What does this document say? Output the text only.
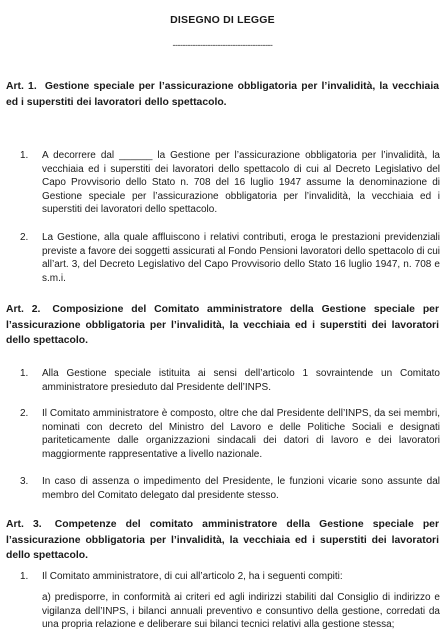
DISEGNO DI LEGGE
----------------------------------------
Art. 1. Gestione speciale per l’assicurazione obbligatoria per l’invalidità, la vecchiaia ed i superstiti dei lavoratori dello spettacolo.
1. A decorrere dal ______ la Gestione per l’assicurazione obbligatoria per l’invalidità, la vecchiaia ed i superstiti dei lavoratori dello spettacolo di cui al Decreto Legislativo del Capo Provvisorio dello Stato n. 708 del 16 luglio 1947 assume la denominazione di Gestione speciale per l’assicurazione obbligatoria per l’invalidità, la vecchiaia ed i superstiti dei lavoratori dello spettacolo.
2. La Gestione, alla quale affluiscono i relativi contributi, eroga le prestazioni previdenziali previste a favore dei soggetti assicurati al Fondo Pensioni lavoratori dello spettacolo di cui all’art. 3, del Decreto Legislativo del Capo Provvisorio dello Stato 16 luglio 1947, n. 708 e s.m.i.
Art. 2. Composizione del Comitato amministratore della Gestione speciale per l’assicurazione obbligatoria per l’invalidità, la vecchiaia ed i superstiti dei lavoratori dello spettacolo.
1. Alla Gestione speciale istituita ai sensi dell’articolo 1 sovraintende un Comitato amministratore presieduto dal Presidente dell’INPS.
2. Il Comitato amministratore è composto, oltre che dal Presidente dell’INPS, da sei membri, nominati con decreto del Ministro del Lavoro e delle Politiche Sociali e designati pariteticamente dalle organizzazioni sindacali dei datori di lavoro e dei lavoratori maggiormente rappresentative a livello nazionale.
3. In caso di assenza o impedimento del Presidente, le funzioni vicarie sono assunte dal membro del Comitato delegato dal presidente stesso.
Art. 3. Competenze del comitato amministratore della Gestione speciale per l’assicurazione obbligatoria per l’invalidità, la vecchiaia ed i superstiti dei lavoratori dello spettacolo.
1. Il Comitato amministratore, di cui all’articolo 2, ha i seguenti compiti:
a) predisporre, in conformità ai criteri ed agli indirizzi stabiliti dal Consiglio di indirizzo e vigilanza dell’INPS, i bilanci annuali preventivo e consuntivo della gestione, corredati da una propria relazione e deliberare sui bilanci tecnici relativi alla gestione stessa;
